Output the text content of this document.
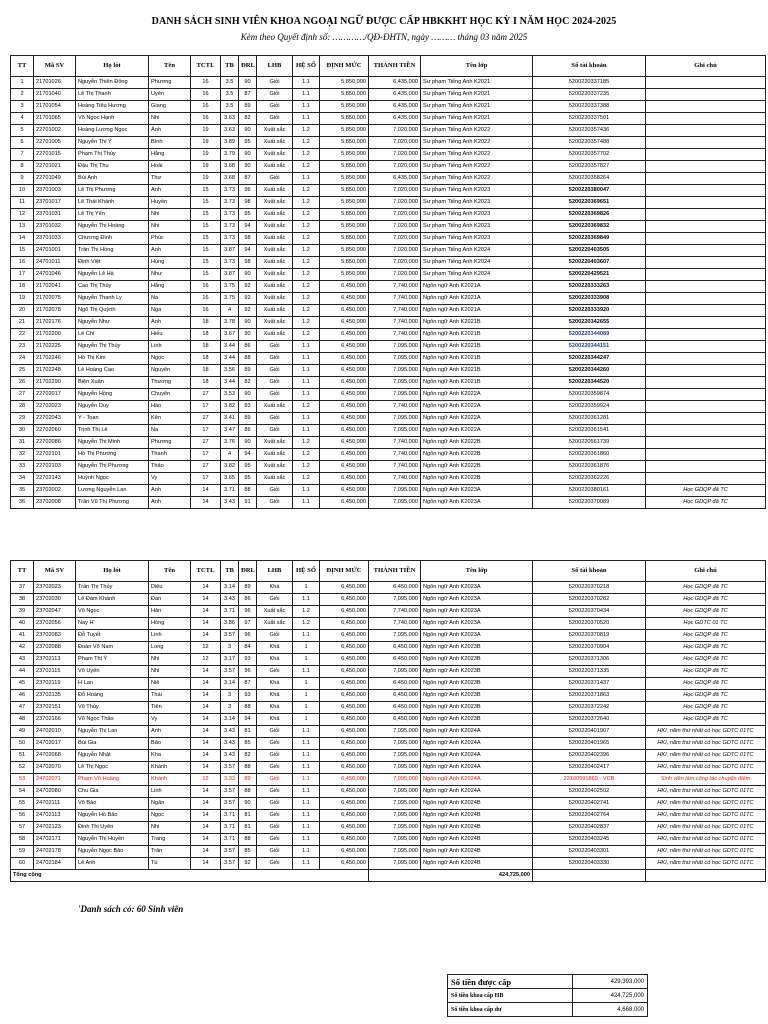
DANH SÁCH SINH VIÊN KHOA NGOẠI NGỮ ĐƯỢC CẤP HBKKHT HỌC KỲ I NĂM HỌC 2024-2025
Kèm theo Quyết định số: …………/QĐ-ĐHTN, ngày ……… tháng 03 năm 2025
TT	Mã SV	Họ lót	Tên	TCTL	TB	ĐRL	LHB	HỆ SỐ	ĐỊNH MỨC	THÀNH TIỀN	Tên lớp	Số tài khoản	Ghi chú
1	21701026	Nguyễn Thiên Đông	Phương	16	3.5	90	Giỏi	1.1	5,850,000	6,435,000	Sư phạm Tiếng Anh K2021	5200220337185	
2	21701040	Lê Thị Thanh	Uyên	16	3.5	87	Giỏi	1.1	5,850,000	6,435,000	Sư phạm Tiếng Anh K2021	5200220337235	
3	21701054	Hoàng Tiểu Hương	Giang	16	3.5	89	Giỏi	1.1	5,850,000	6,435,000	Sư phạm Tiếng Anh K2021	5200220337388	
4	21701065	Võ Ngọc Hạnh	Nhi	16	3.63	82	Giỏi	1.1	5,850,000	6,435,000	Sư phạm Tiếng Anh K2021	5200220337501	
5	22701002	Hoàng Lương Ngọc	Ánh	19	3.63	90	Xuất sắc	1.2	5,850,000	7,020,000	Sư phạm Tiếng Anh K2022	5200220357436	
6	22701005	Nguyễn Thị Ý	Bình	19	3.89	95	Xuất sắc	1.2	5,850,000	7,020,000	Sư phạm Tiếng Anh K2022	5200220357488	
7	22701015	Phạm Thị Thúy	Hằng	19	3.79	90	Xuất sắc	1.2	5,850,000	7,020,000	Sư phạm Tiếng Anh K2022	5200220357702	
8	22701021	Đậu Thị Thu	Hoài	19	3.68	90	Xuất sắc	1.2	5,850,000	7,020,000	Sư phạm Tiếng Anh K2022	5200220357827	
9	22701049	Bùi Anh	Thư	19	3.68	87	Giỏi	1.1	5,850,000	6,435,000	Sư phạm Tiếng Anh K2022	5200220358264	
10	23701003	Lê Thị Phương	Anh	15	3.73	96	Xuất sắc	1.2	5,850,000	7,020,000	Sư phạm Tiếng Anh K2023	5200220380047	
11	23701017	Lê Thái Khánh	Huyền	15	3.73	98	Xuất sắc	1.2	5,850,000	7,020,000	Sư phạm Tiếng Anh K2023	5200220369651	
12	23701031	Lê Thị Yến	Nhi	15	3.73	95	Xuất sắc	1.2	5,850,000	7,020,000	Sư phạm Tiếng Anh K2023	5200220369826	
13	23701032	Nguyễn Thị Hoàng	Nhi	15	3.73	94	Xuất sắc	1.2	5,850,000	7,020,000	Sư phạm Tiếng Anh K2023	5200220369832	
14	23701033	Chương Đình	Phúc	15	3.73	98	Xuất sắc	1.2	5,850,000	7,020,000	Sư phạm Tiếng Anh K2023	5200220369849	
15	24701001	Trần Thị Hồng	Anh	15	3.87	94	Xuất sắc	1.2	5,850,000	7,020,000	Sư phạm Tiếng Anh K2024	5200220403505	
16	24701011	Đinh Việt	Hùng	15	3.73	98	Xuất sắc	1.2	5,850,000	7,020,000	Sư phạm Tiếng Anh K2024	5200220403607	
17	24701046	Nguyễn Lê Hà	Như	15	3.87	90	Xuất sắc	1.2	5,850,000	7,020,000	Sư phạm Tiếng Anh K2024	5200220429521	
18	21702041	Cao Thị Thúy	Hằng	16	3.75	92	Xuất sắc	1.2	6,450,000	7,740,000	Ngôn ngữ Anh K2021A	5200220333263	
19	21702075	Nguyễn Thanh Ly	Na	16	3.75	92	Xuất sắc	1.2	6,450,000	7,740,000	Ngôn ngữ Anh K2021A	5200220333908	
20	21702078	Ngô Thị Quỳnh	Nga	16	4	92	Xuất sắc	1.2	6,450,000	7,740,000	Ngôn ngữ Anh K2021A	5200220333920	
21	21702176	Nguyễn Như	Anh	18	3.78	90	Xuất sắc	1.2	6,450,000	7,740,000	Ngôn ngữ Anh K2021B	5200220342655	
22	21702200	Lê Chí	Hiếu	18	3.67	90	Xuất sắc	1.2	6,450,000	7,740,000	Ngôn ngữ Anh K2021B	5200220344089	
23	21702225	Nguyễn Thị Thùy	Linh	18	3.44	86	Giỏi	1.1	6,450,000	7,095,000	Ngôn ngữ Anh K2021B	5200220344151	
24	21702246	Hồ Thị Kim	Ngọc	18	3.44	88	Giỏi	1.1	6,450,000	7,095,000	Ngôn ngữ Anh K2021B	5200220344247	
25	21702248	Lê Hoàng Cao	Nguyên	18	3.56	89	Giỏi	1.1	6,450,000	7,095,000	Ngôn ngữ Anh K2021B	5200220344260	
26	21702290	Biện Xuân	Thương	18	3.44	82	Giỏi	1.1	6,450,000	7,095,000	Ngôn ngữ Anh K2021B	5200220344520	
27	22702017	Nguyễn Hồng	Chuyên	17	3.53	90	Giỏi	1.1	6,450,000	7,095,000	Ngôn ngữ Anh K2022A	5200220359874	
28	22702023	Nguyễn Duy	Hào	17	3.82	93	Xuất sắc	1.2	6,450,000	7,740,000	Ngôn ngữ Anh K2022A	5200220359924	
29	22702043	Y - Toan	Kên	17	3.41	89	Giỏi	1.1	6,450,000	7,095,000	Ngôn ngữ Anh K2022A	5200220361281	
30	22702060	Trịnh Thị Lê	Na	17	3.47	86	Giỏi	1.1	6,450,000	7,095,000	Ngôn ngữ Anh K2022A	5200220361541	
31	22702086	Nguyễn Thị Minh	Phương	17	3.76	90	Xuất sắc	1.2	6,450,000	7,740,000	Ngôn ngữ Anh K2022B	5200220561739	
32	22702101	Hồ Thị Phương	Thanh	17	4	94	Xuất sắc	1.2	6,450,000	7,740,000	Ngôn ngữ Anh K2022B	5200220361860	
33	22702103	Nguyễn Thị Phương	Thảo	17	3.82	95	Xuất sắc	1.2	6,450,000	7,740,000	Ngôn ngữ Anh K2022B	5200220361876	
34	22702143	Huỳnh Ngọc	Vy	17	3.65	95	Xuất sắc	1.2	6,450,000	7,740,000	Ngôn ngữ Anh K2022B	5200220362226	
35	23702002	Lương Nguyễn Lan	Anh	14	3.71	88	Giỏi	1.1	6,450,000	7,095,000	Ngôn ngữ Anh K2023A	5200220380161	Học GDQP đã TC
36	23702008	Trần Vũ Thị Phương	Anh	14	3.43	91	Giỏi	1.1	6,450,000	7,095,000	Ngôn ngữ Anh K2023A	5200220370089	Học GDQP đã TC
TT	Mã SV	Họ lót	Tên	TCTL	TB	ĐRL	LHB	HỆ SỐ	ĐỊNH MỨC	THÀNH TIỀN	Tên lớp	Số tài khoản	Ghi chú
37	23702023	Trần Thị Thủy	Diệu	14	3.14	89	Khá	1	6,450,000	6,450,000	Ngôn ngữ Anh K2023A	5200220370218	Học GDQP đã TC
38	23702030	Lê Đàm Khánh	Đan	14	3.43	86	Giỏi	1.1	6,450,000	7,095,000	Ngôn ngữ Anh K2023A	5200220370282	Học GDQP đã TC
39	23702047	Võ Ngọc	Hân	14	3.71	96	Xuất sắc	1.2	6,450,000	7,740,000	Ngôn ngữ Anh K2023A	5200220370434	Học GDQP đã TC
40	23702056	Nay H'	Hồng	14	3.86	97	Xuất sắc	1.2	6,450,000	7,740,000	Ngôn ngữ Anh K2023A	5200220370520	Học GDTC 01 TC
41	23702083	Đỗ Tuyết	Linh	14	3.57	96	Giỏi	1.1	6,450,000	7,095,000	Ngôn ngữ Anh K2023A	5200220370819	Học GDQP đã TC
42	23702088	Đoàn Võ Nam	Long	12	3	84	Khá	1	6,450,000	6,450,000	Ngôn ngữ Anh K2023B	5200220370904	Học GDQP đã TC
43	23702113	Phạm Thị Ý	Nhi	12	3.17	93	Khá	1	6,450,000	6,450,000	Ngôn ngữ Anh K2023B	5200220371306	Học GDQP đã TC
44	23702115	Võ Uyên	Nhi	14	3.57	96	Giỏi	1.1	6,450,000	7,095,000	Ngôn ngữ Anh K2023B	5200220371335	Học GDQP đã TC
45	23702119	H Lan	Niê	14	3.14	87	Khá	1	6,450,000	6,450,000	Ngôn ngữ Anh K2023B	5200220371437	Học GDQP đã TC
46	23702135	Đỗ Hoàng	Thái	14	3	93	Khá	1	6,450,000	6,450,000	Ngôn ngữ Anh K2023B	5200220371863	Học GDQP đã TC
47	23702151	Võ Thủy	Tiên	14	3	88	Khá	1	6,450,000	6,450,000	Ngôn ngữ Anh K2023B	5200220372242	Học GDQP đã TC
48	23702166	Võ Ngọc Thảo	Vy	14	3.14	94	Khá	1	6,450,000	6,450,000	Ngôn ngữ Anh K2023B	5200220372640	Học GDQP đã TC
49	24702010	Nguyễn Thị Lan	Anh	14	3.43	81	Giỏi	1.1	6,450,000	7,095,000	Ngôn ngữ Anh K2024A	5200220401907	HKI, năm thứ nhất có học GDTC 01TC
50	24702017	Bùi Gia	Bảo	14	3.43	85	Giỏi	1.1	6,450,000	7,095,000	Ngôn ngữ Anh K2024A	5200220401965	HKI, năm thứ nhất có học GDTC 01TC
51	24702068	Nguyễn Nhật	Kha	14	3.43	82	Giỏi	1.1	6,450,000	7,095,000	Ngôn ngữ Anh K2024A	5200220402396	HKI, năm thứ nhất có học GDTC 01TC
52	24702070	Lê Thị Ngọc	Khánh	14	3.57	88	Giỏi	1.1	6,450,000	7,095,000	Ngôn ngữ Anh K2024A	5200220402417	HKI, năm thứ nhất có học GDTC 01TC
53	24702071	Phạm Võ Hoàng	Khánh	12	3.33	89	Giỏi	1.1	6,450,000	7,095,000	Ngôn ngữ Anh K2024A	2310059186​9 - VCB	Sinh viên làm công tác chuyển điểm
54	24702080	Chu Gia	Linh	14	3.57	88	Giỏi	1.1	6,450,000	7,095,000	Ngôn ngữ Anh K2024A	5200220402502	HKI, năm thứ nhất có học GDTC 01TC
55	24702111	Võ Bảo	Ngân	14	3.57	90	Giỏi	1.1	6,450,000	7,095,000	Ngôn ngữ Anh K2024B	5200220402741	HKI, năm thứ nhất có học GDTC 01TC
56	24702113	Nguyễn Hồ Bảo	Ngọc	14	3.71	81	Giỏi	1.1	6,450,000	7,095,000	Ngôn ngữ Anh K2024B	5200220402764	HKI, năm thứ nhất có học GDTC 01TC
57	24702123	Đinh Thị Uyên	Nhi	14	3.71	81	Giỏi	1.1	6,450,000	7,095,000	Ngôn ngữ Anh K2024B	5200220402837	HKI, năm thứ nhất có học GDTC 01TC
58	24702171	Nguyễn Thị Huyền	Trang	14	3.71	88	Giỏi	1.1	6,450,000	7,095,000	Ngôn ngữ Anh K2024B	5200220403245	HKI, năm thứ nhất có học GDTC 01TC
59	24702178	Nguyễn Ngọc Bảo	Trân	14	3.57	85	Giỏi	1.1	6,450,000	7,095,000	Ngôn ngữ Anh K2024B	5200220403301	HKI, năm thứ nhất có học GDTC 01TC
60	24702184	Lê Anh	Tú	14	3.57	92	Giỏi	1.1	6,450,000	7,095,000	Ngôn ngữ Anh K2024B	5200220403330	HKI, năm thứ nhất có học GDTC 01TC
Tổng cộng										424,725,000			
'Danh sách có: 60 Sinh viên
Số tiền được cấp	429,393,000
Số tiền khoa cấp HB	424,725,000
Số tiền khoa cấp dư	4,668,000
